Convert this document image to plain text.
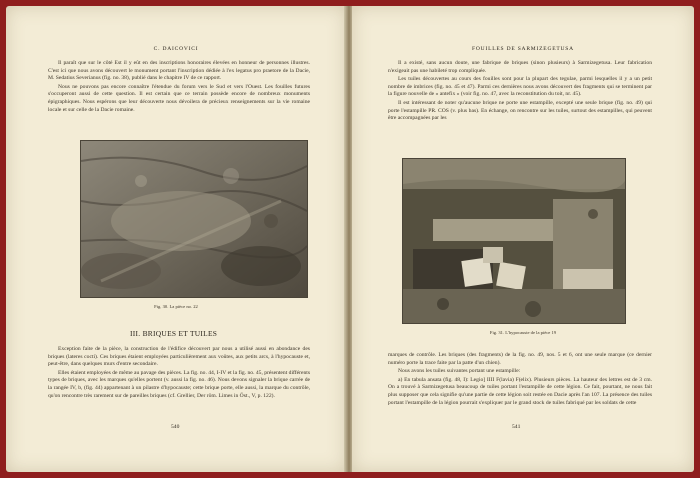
C. DAICOVICI

Il paraît que sur le côté Est il y eût en des inscriptions honoraires élevées en honneur de personnes illustres. C'est ici que nous avons découvert le monument portant l'inscription dédiée à l'ex legatus pro praetore de la Dacie, M. Sedatius Severianus (fig. no. 38), publié dans le chapitre IV de ce rapport.

Nous ne pouvons pas encore connaître l'étendue du forum vers le Sud et vers l'Ouest. Les fouilles futures s'occuperont aussi de cette question. Il est certain que ce terrain possède encore de nombreux monuments épigraphiques. Nous espérons que leur découverte nous dévoilera de précieux renseignements sur la vie romaine locale et sur celle de la Dacie romaine.

Fig. 30. La pièce no. 22
III. BRIQUES ET TUILES

Exception faite de la pièce, la construction de l'édifice découvert par nous a utilisé aussi en abondance des briques (lateres cocti). Ces briques étaient employées particulièrement aux voûtes, aux petits arcs, à l'hypocauste et, peut-être, dans quelques murs d'entre secondaire.

Elles étaient employées de même au pavage des pièces. La fig. no. 44, I-IV et la fig. no. 45, présentent différents types de briques, avec les marques qu'elles portent (v. aussi la fig. no. 46). Nous devons signaler la brique carrée de la rangée IV, b, (fig. 44) appartenant à un pilastre d'hypocauste; cette brique porte, elle aussi, la marque du contrôle, qu'on rencontre très rarement sur de pareilles briques (cf. Grellier, Der röm. Limes in Öst., V, p. 122).

540
FOUILLES DE SARMIZEGETUSA

Il a existé, sans aucun doute, une fabrique de briques (sinon plusieurs) à Sarmizegetusa. Leur fabrication n'exigeait pas une habileté trop compliquée.

Les tuiles découvertes au cours des fouilles sont pour la plupart des tegulae, parmi lesquelles il y a un petit nombre de imbrices (fig. no. 45 et 47). Parmi ces dernières nous avons découvert des fragments qui se terminent par la figure nouvelle de « antefix » (voir fig. no. 47, avec la reconstitution du toit, nr. 45).

Il est intéressant de noter qu'aucune brique ne porte une estampille, excepté une seule brique (fig. no. 49) qui porte l'estampille PR. COS (v. plus bas). En échange, on rencontre sur les tuiles, surtout des estampilles, qui peuvent être accompagnées par les

Fig. 31. L'hypocauste de la pièce 19

marques de contrôle. Les briques (des fragments) de la fig. no. 49, nos. 5 et 6, ont une seule marque (ce dernier numéro porte la trace faite par la patte d'un chien).

Nous avons les tuiles suivantes portant une estampille:

a) En tabula ansata (fig. 48, I): Legio] IIII F(lavia) F(elix). Plusieurs pièces. La hauteur des lettres est de 3 cm. On a trouvé à Sarmizegetusa beaucoup de tuiles portant l'estampille de cette légion. Ce fait, pourtant, ne nous fait plus supposer que cela signifie qu'une partie de cette légion soit restée en Dacie après l'an 107. La présence des tuiles portant l'estampille de la légion pourrait s'expliquer par le grand stock de tuiles fabriqué par les soldats de cette

541
